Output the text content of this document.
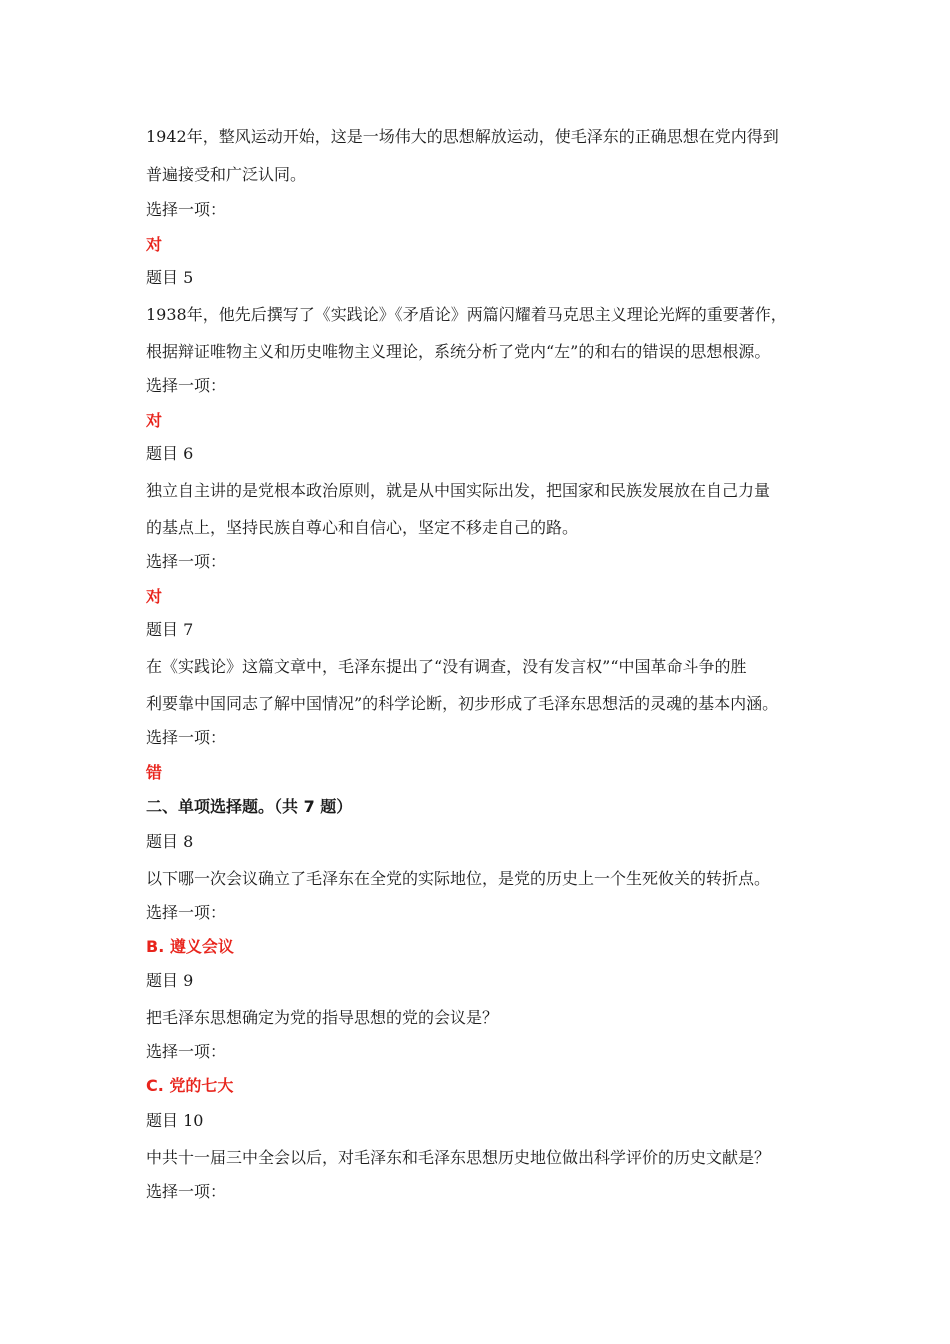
1942年，整风运动开始，这是一场伟大的思想解放运动，使毛泽东的正确思想在党内得到
普遍接受和广泛认同。
选择一项：
对
题目 5
1938年，他先后撰写了《实践论》《矛盾论》两篇闪耀着马克思主义理论光辉的重要著作，
根据辩证唯物主义和历史唯物主义理论，系统分析了党内“左”的和右的错误的思想根源。
选择一项：
对
题目 6
独立自主讲的是党根本政治原则，就是从中国实际出发，把国家和民族发展放在自己力量
的基点上，坚持民族自尊心和自信心，坚定不移走自己的路。
选择一项：
对
题目 7
在《实践论》这篇文章中，毛泽东提出了“没有调查，没有发言权”“中国革命斗争的胜
利要靠中国同志了解中国情况”的科学论断，初步形成了毛泽东思想活的灵魂的基本内涵。
选择一项：
错
二、单项选择题。（共 7 题）
题目 8
以下哪一次会议确立了毛泽东在全党的实际地位，是党的历史上一个生死攸关的转折点。
选择一项：
B. 遵义会议
题目 9
把毛泽东思想确定为党的指导思想的党的会议是？
选择一项：
C. 党的七大
题目 10
中共十一届三中全会以后，对毛泽东和毛泽东思想历史地位做出科学评价的历史文献是？
选择一项：
